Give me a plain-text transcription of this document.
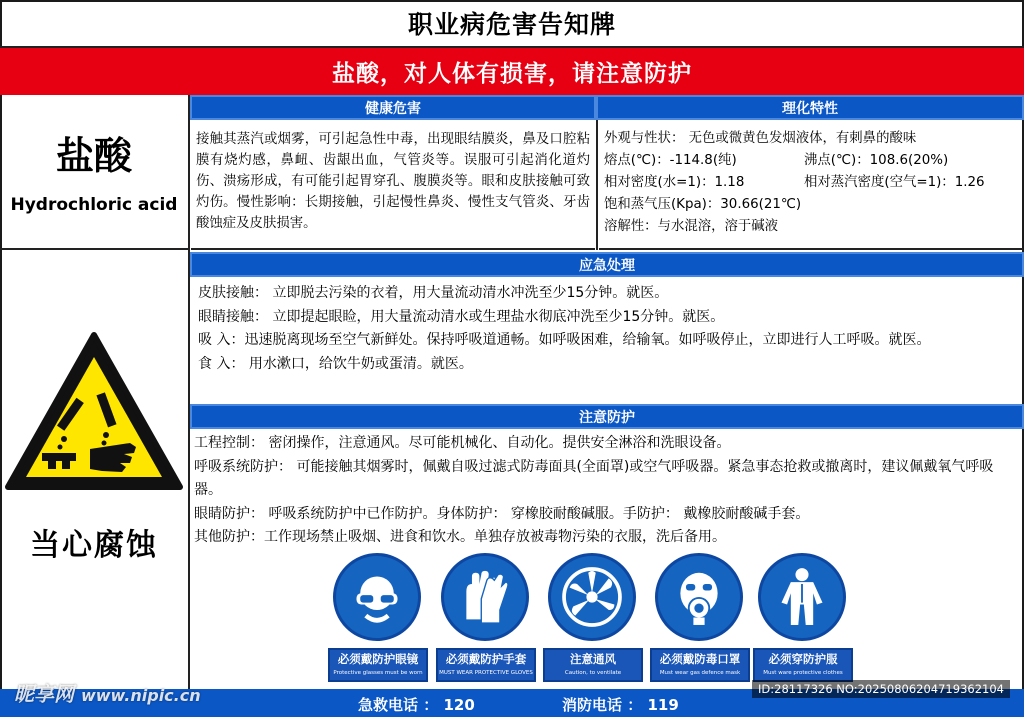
职业病危害告知牌
盐酸，对人体有损害，请注意防护
盐酸
Hydrochloric acid
当心腐蚀
健康危害	理化特性
接触其蒸汽或烟雾，可引起急性中毒，出现眼结膜炎，鼻及口腔粘膜有烧灼感，鼻衄、齿龈出血，气管炎等。误服可引起消化道灼伤、溃疡形成，有可能引起胃穿孔、腹膜炎等。眼和皮肤接触可致灼伤。慢性影响：长期接触，引起慢性鼻炎、慢性支气管炎、牙齿酸蚀症及皮肤损害。
外观与性状： 无色或微黄色发烟液体，有刺鼻的酸味
熔点(℃)：-114.8(纯)	沸点(℃)：108.6(20%)
相对密度(水=1)：1.18	相对蒸汽密度(空气=1)：1.26
饱和蒸气压(Kpa)：30.66(21℃)
溶解性：与水混溶，溶于碱液
应急处理
皮肤接触： 立即脱去污染的衣着，用大量流动清水冲洗至少15分钟。就医。
眼睛接触： 立即提起眼睑，用大量流动清水或生理盐水彻底冲洗至少15分钟。就医。
吸 入：迅速脱离现场至空气新鲜处。保持呼吸道通畅。如呼吸困难，给输氧。如呼吸停止，立即进行人工呼吸。就医。
食 入： 用水漱口，给饮牛奶或蛋清。就医。
注意防护
工程控制： 密闭操作，注意通风。尽可能机械化、自动化。提供安全淋浴和洗眼设备。
呼吸系统防护： 可能接触其烟雾时，佩戴自吸过滤式防毒面具(全面罩)或空气呼吸器。紧急事态抢救或撤离时，建议佩戴氧气呼吸器。
眼睛防护： 呼吸系统防护中已作防护。身体防护： 穿橡胶耐酸碱服。手防护： 戴橡胶耐酸碱手套。
其他防护：工作现场禁止吸烟、进食和饮水。单独存放被毒物污染的衣服，洗后备用。
必须戴防护眼镜
Protective glasses must be worn
必须戴防护手套
MUST WEAR PROTECTIVE GLOVES
注意通风
Caution, to ventilate
必须戴防毒口罩
Must wear gas defence mask
必须穿防护服
Must ware protective clothes
急救电话 ： 120	消防电话 ： 119
昵享网 www.nipic.cn	ID:28117326 NO:20250806204719362104
